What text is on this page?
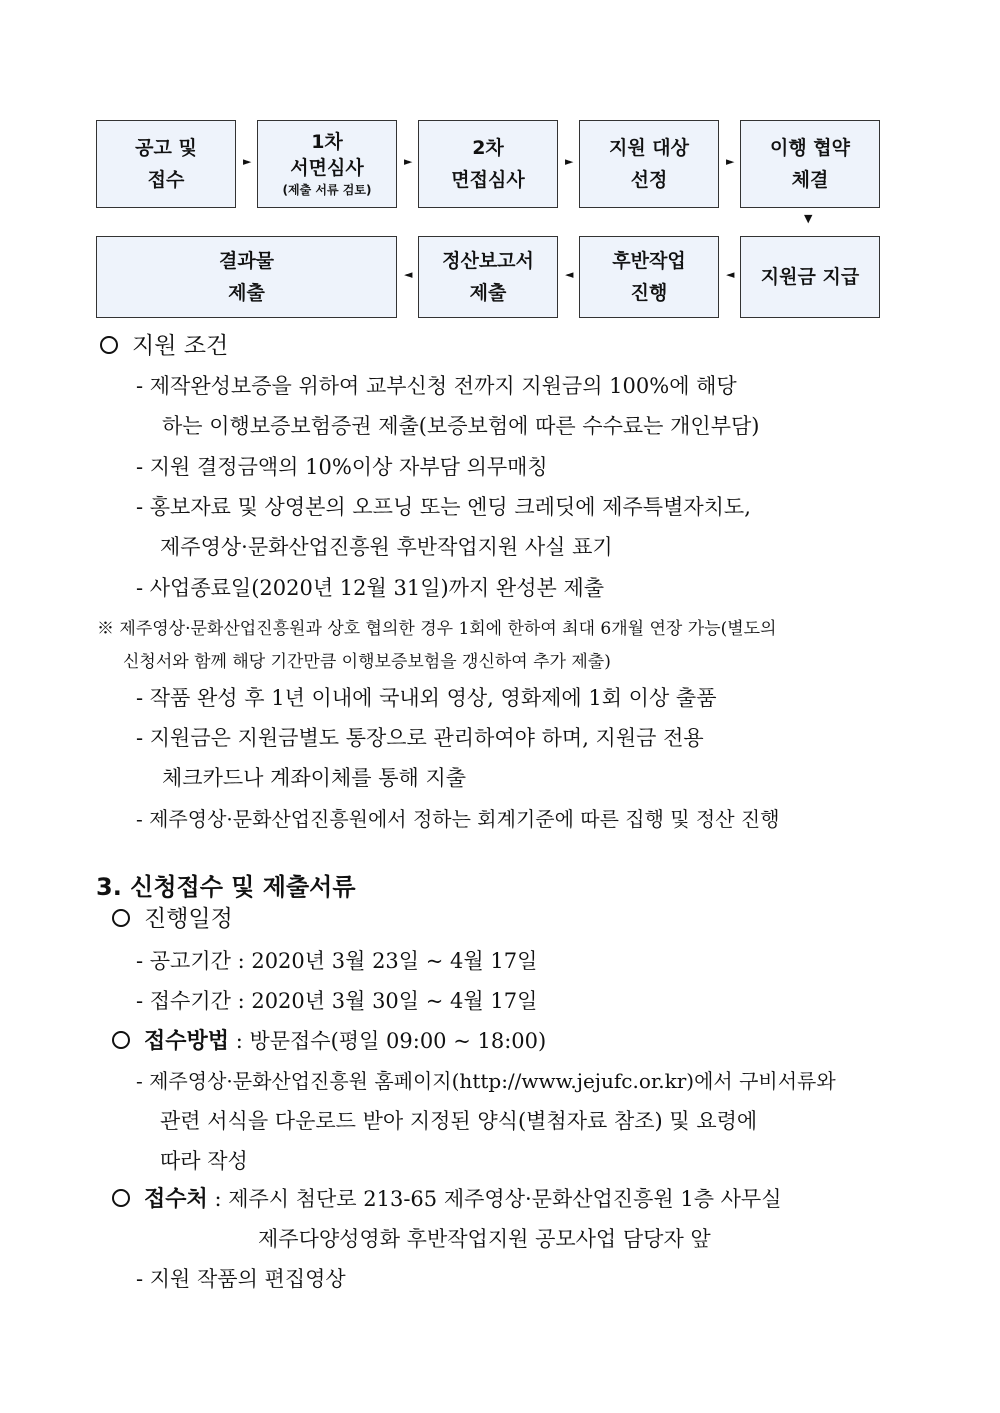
공고 및
접수
►
1차
서면심사
(제출 서류 검토)
►
2차
면접심사
►
지원 대상
선정
►
이행 협약
체결
▼
결과물
제출
◄
정산보고서
제출
◄
후반작업
진행
◄ 지원금 지급
지원 조건
- 제작완성보증을 위하여 교부신청 전까지 지원금의 100%에 해당
하는 이행보증보험증권 제출(보증보험에 따른 수수료는 개인부담)
- 지원 결정금액의 10%이상 자부담 의무매칭
- 홍보자료 및 상영본의 오프닝 또는 엔딩 크레딧에 제주특별자치도,
제주영상·문화산업진흥원 후반작업지원 사실 표기
- 사업종료일(2020년 12월 31일)까지 완성본 제출
※ 제주영상·문화산업진흥원과 상호 협의한 경우 1회에 한하여 최대 6개월 연장 가능(별도의
신청서와 함께 해당 기간만큼 이행보증보험을 갱신하여 추가 제출)
- 작품 완성 후 1년 이내에 국내외 영상, 영화제에 1회 이상 출품
- 지원금은 지원금별도 통장으로 관리하여야 하며, 지원금 전용
체크카드나 계좌이체를 통해 지출
- 제주영상·문화산업진흥원에서 정하는 회계기준에 따른 집행 및 정산 진행
3. 신청접수 및 제출서류
진행일정
- 공고기간 : 2020년 3월 23일 ~ 4월 17일
- 접수기간 : 2020년 3월 30일 ~ 4월 17일
접수방법 : 방문접수(평일 09:00 ~ 18:00)
- 제주영상·문화산업진흥원 홈페이지(http://www.jejufc.or.kr)에서 구비서류와
관련 서식을 다운로드 받아 지정된 양식(별첨자료 참조) 및 요령에
따라 작성
접수처 : 제주시 첨단로 213-65 제주영상·문화산업진흥원 1층 사무실
제주다양성영화 후반작업지원 공모사업 담당자 앞
- 지원 작품의 편집영상
